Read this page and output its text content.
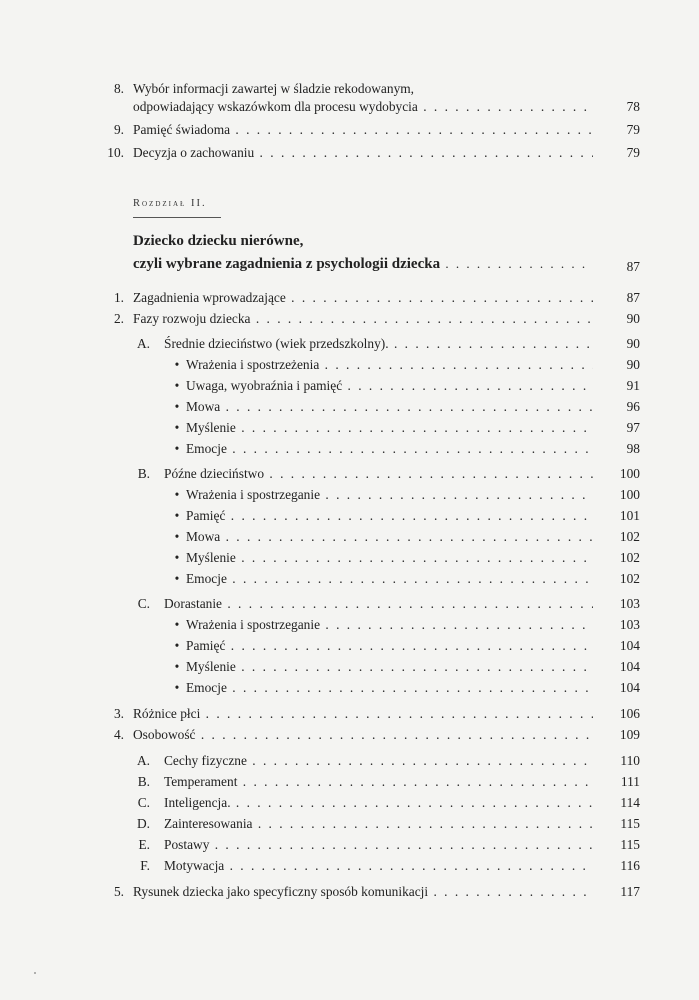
8. Wybór informacji zawartej w śladzie rekodowanym,
odpowiadający wskazówkom dla procesu wydobycia . . .	78
9. Pamięć świadoma . . .	79
10. Decyzja o zachowaniu . . .	79
Rozdział II.
Dziecko dziecku nierówne,
czyli wybrane zagadnienia z psychologii dziecka . . .	87
1. Zagadnienia wprowadzające . . .	87
2. Fazy rozwoju dziecka . . .	90
A. Średnie dzieciństwo (wiek przedszkolny). . . .	90
• Wrażenia i spostrzeżenia . . .	90
• Uwaga, wyobraźnia i pamięć . . .	91
• Mowa . . .	96
• Myślenie . . .	97
• Emocje . . .	98
B. Późne dzieciństwo . . .	100
• Wrażenia i spostrzeganie . . .	100
• Pamięć . . .	101
• Mowa . . .	102
• Myślenie . . .	102
• Emocje . . .	102
C. Dorastanie . . .	103
• Wrażenia i spostrzeganie . . .	103
• Pamięć . . .	104
• Myślenie . . .	104
• Emocje . . .	104
3. Różnice płci . . .	106
4. Osobowość . . .	109
A. Cechy fizyczne . . .	110
B. Temperament . . .	111
C. Inteligencja. . . .	114
D. Zainteresowania . . .	115
E. Postawy . . .	115
F. Motywacja . . .	116
5. Rysunek dziecka jako specyficzny sposób komunikacji . . .	117
